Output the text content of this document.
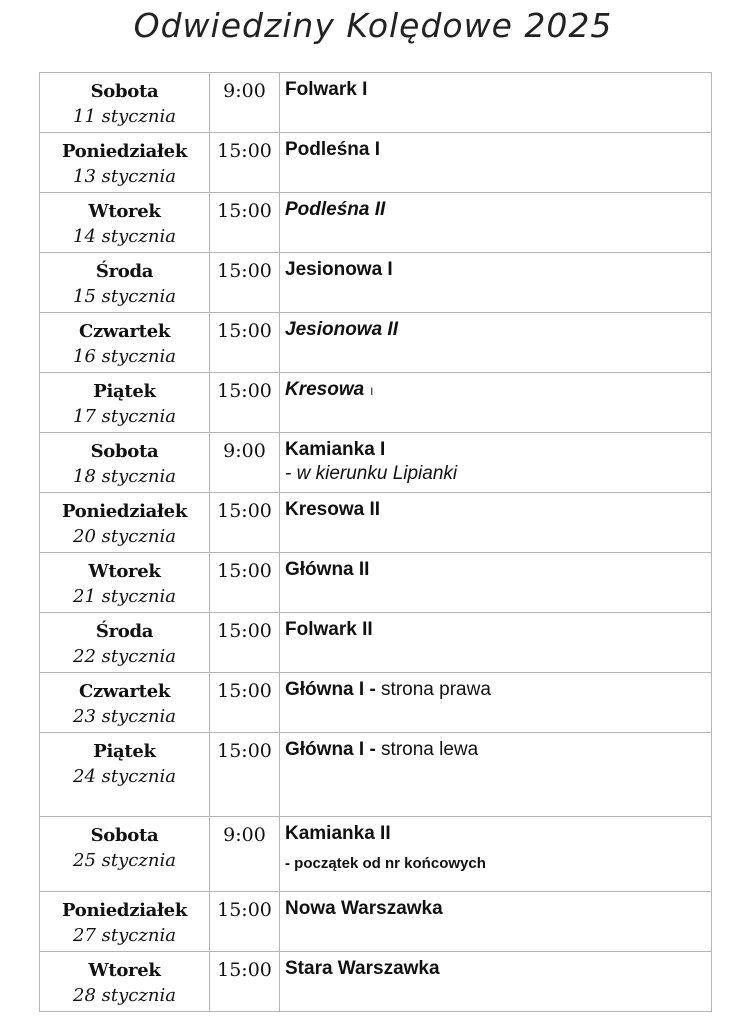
Odwiedziny Kolędowe 2025
Sobota
11 stycznia	9:00	Folwark I

Poniedziałek
13 stycznia	15:00	Podleśna I

Wtorek
14 stycznia	15:00	Podleśna II

Środa
15 stycznia	15:00	Jesionowa I

Czwartek
16 stycznia	15:00	Jesionowa II

Piątek
17 stycznia	15:00	Kresowa I

Sobota
18 stycznia	9:00	Kamianka I
- w kierunku Lipianki

Poniedziałek
20 stycznia	15:00	Kresowa II

Wtorek
21 stycznia	15:00	Główna II

Środa
22 stycznia	15:00	Folwark II

Czwartek
23 stycznia	15:00	Główna I - strona prawa

Piątek
24 stycznia	15:00	Główna I - strona lewa

Sobota
25 stycznia	9:00	Kamianka II
- początek od nr końcowych

Poniedziałek
27 stycznia	15:00	Nowa Warszawka

Wtorek
28 stycznia	15:00	Stara Warszawka
